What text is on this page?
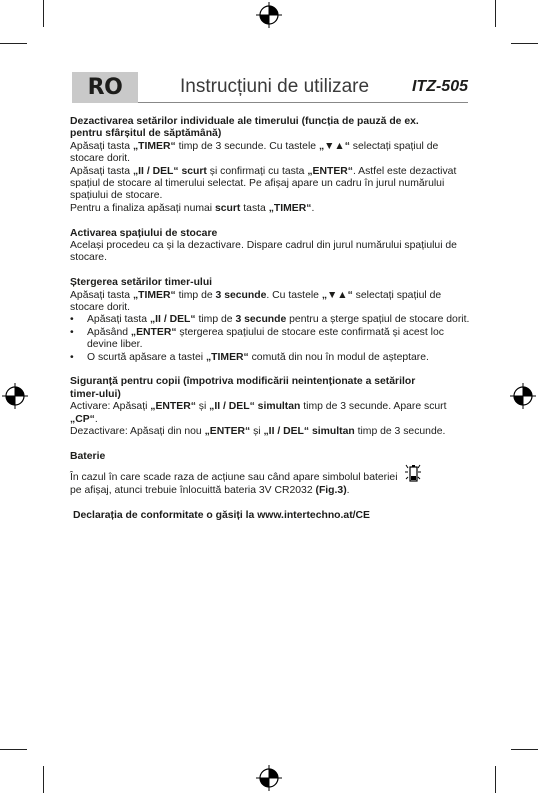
RO	Instrucțiuni de utilizare	ITZ-505

Dezactivarea setărilor individuale ale timerului (funcția de pauză de ex.
pentru sfârșitul de săptămână)

Apăsați tasta „TIMER“ timp de 3 secunde. Cu tastele „▼▲“ selectați spațiul de stocare dorit.

Apăsați tasta „II / DEL“ scurt și confirmați cu tasta „ENTER“. Astfel este dezactivat spațiul de stocare al timerului selectat. Pe afișaj apare un cadru în jurul numărului spațiului de stocare.

Pentru a finaliza apăsați numai scurt tasta „TIMER“.

Activarea spațiului de stocare

Același procedeu ca și la dezactivare. Dispare cadrul din jurul numărului spațiului de stocare.

Ștergerea setărilor timer-ului

Apăsați tasta „TIMER“ timp de 3 secunde. Cu tastele „▼▲“ selectați spațiul de stocare dorit.

• Apăsați tasta „II / DEL“ timp de 3 secunde pentru a șterge spațiul de stocare dorit.
• Apăsând „ENTER“ ștergerea spațiului de stocare este confirmată și acest loc devine liber.
• O scurtă apăsare a tastei „TIMER“ comută din nou în modul de așteptare.

Siguranță pentru copii (împotriva modificării neintenționate a setărilor
timer-ului)

Activare: Apăsați „ENTER“ și „II / DEL“ simultan timp de 3 secunde. Apare scurt „CP“.

Dezactivare: Apăsați din nou „ENTER“ și „II / DEL“ simultan timp de 3 secunde.

Baterie

În cazul în care scade raza de acțiune sau când apare simbolul bateriei
pe afișaj, atunci trebuie înlocuittă bateria 3V CR2032 (Fig.3).

Declarația de conformitate o găsiți la www.intertechno.at/CE
